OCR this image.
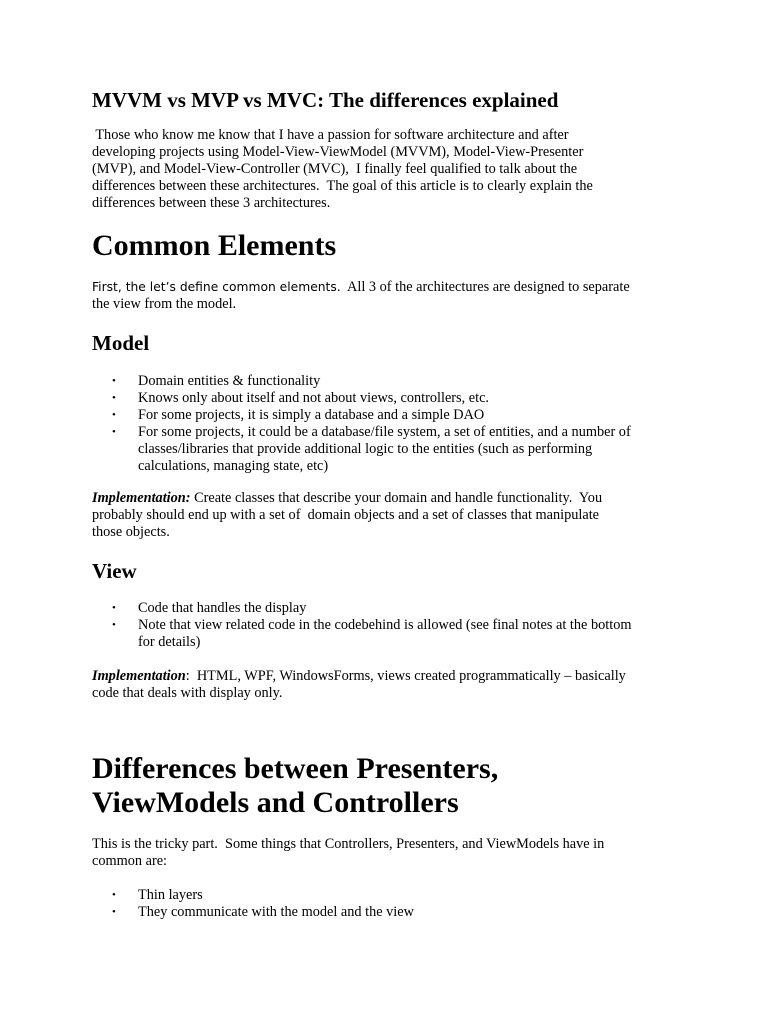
MVVM vs MVP vs MVC: The differences explained

Those who know me know that I have a passion for software architecture and after
developing projects using Model-View-ViewModel (MVVM), Model-View-Presenter
(MVP), and Model-View-Controller (MVC),  I finally feel qualified to talk about the
differences between these architectures.  The goal of this article is to clearly explain the
differences between these 3 architectures.

Common Elements

First, the let’s define common elements.  All 3 of the architectures are designed to separate
the view from the model.

Model
• Domain entities & functionality
• Knows only about itself and not about views, controllers, etc.
• For some projects, it is simply a database and a simple DAO
• For some projects, it could be a database/file system, a set of entities, and a number of
classes/libraries that provide additional logic to the entities (such as performing
calculations, managing state, etc)

Implementation: Create classes that describe your domain and handle functionality.  You
probably should end up with a set of  domain objects and a set of classes that manipulate
those objects.

View
• Code that handles the display
• Note that view related code in the codebehind is allowed (see final notes at the bottom
for details)

Implementation:  HTML, WPF, WindowsForms, views created programmatically – basically
code that deals with display only.

Differences between Presenters,
ViewModels and Controllers

This is the tricky part.  Some things that Controllers, Presenters, and ViewModels have in
common are:

• Thin layers
• They communicate with the model and the view
